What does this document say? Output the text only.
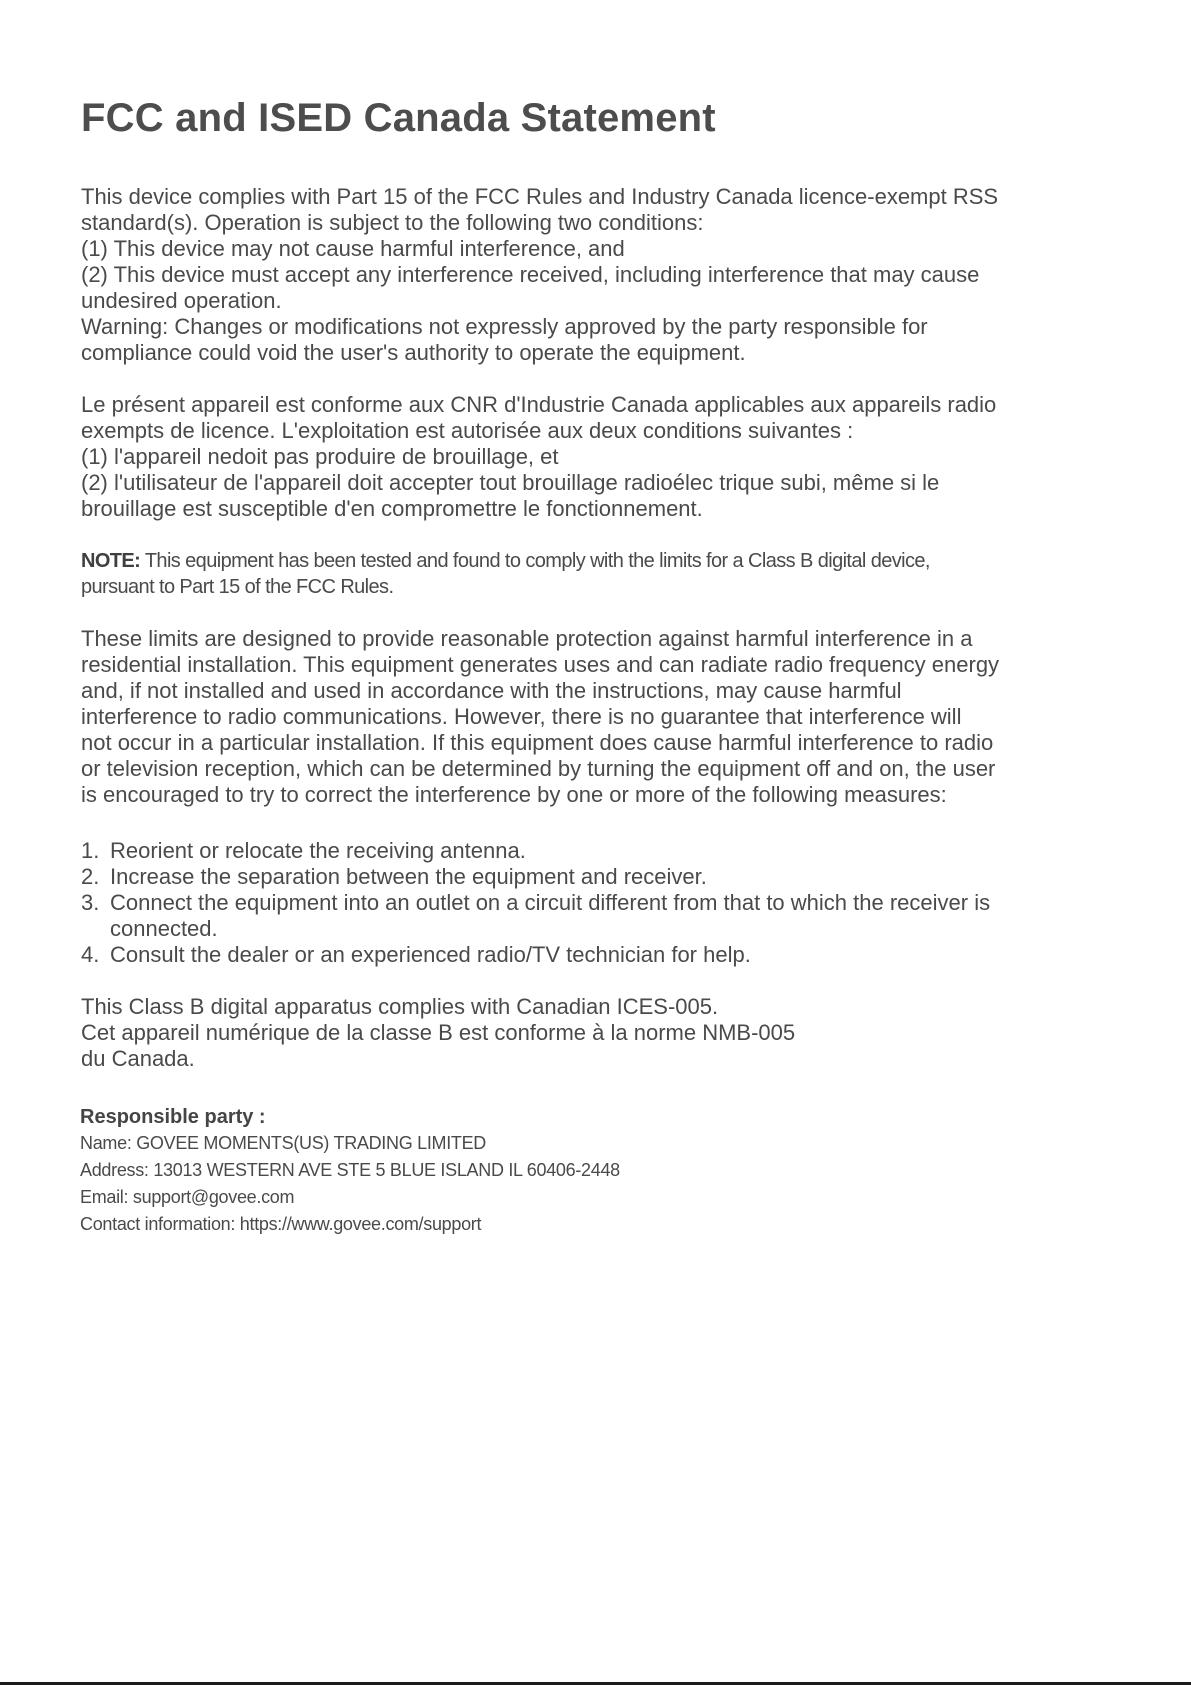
FCC and ISED Canada Statement
This device complies with Part 15 of the FCC Rules and Industry Canada licence-exempt RSS
standard(s). Operation is subject to the following two conditions:
(1) This device may not cause harmful interference, and
(2) This device must accept any interference received, including interference that may cause
undesired operation.
Warning: Changes or modifications not expressly approved by the party responsible for
compliance could void the user's authority to operate the equipment.
Le présent appareil est conforme aux CNR d'Industrie Canada applicables aux appareils radio
exempts de licence. L'exploitation est autorisée aux deux conditions suivantes :
(1) l'appareil nedoit pas produire de brouillage, et
(2) l'utilisateur de l'appareil doit accepter tout brouillage radioélec trique subi, même si le
brouillage est susceptible d'en compromettre le fonctionnement.
NOTE: This equipment has been tested and found to comply with the limits for a Class B digital device,
pursuant to Part 15 of the FCC Rules.
These limits are designed to provide reasonable protection against harmful interference in a
residential installation. This equipment generates uses and can radiate radio frequency energy
and, if not installed and used in accordance with the instructions, may cause harmful
interference to radio communications. However, there is no guarantee that interference will
not occur in a particular installation. If this equipment does cause harmful interference to radio
or television reception, which can be determined by turning the equipment off and on, the user
is encouraged to try to correct the interference by one or more of the following measures:
1. Reorient or relocate the receiving antenna.
2. Increase the separation between the equipment and receiver.
3. Connect the equipment into an outlet on a circuit different from that to which the receiver is
connected.
4. Consult the dealer or an experienced radio/TV technician for help.
This Class B digital apparatus complies with Canadian ICES-005.
Cet appareil numérique de la classe B est conforme à la norme NMB-005
du Canada.

Responsible party :

Name: GOVEE MOMENTS(US) TRADING LIMITED

Address: 13013 WESTERN AVE STE 5 BLUE ISLAND IL 60406-2448

Email: support@govee.com

Contact information: https://www.govee.com/support
